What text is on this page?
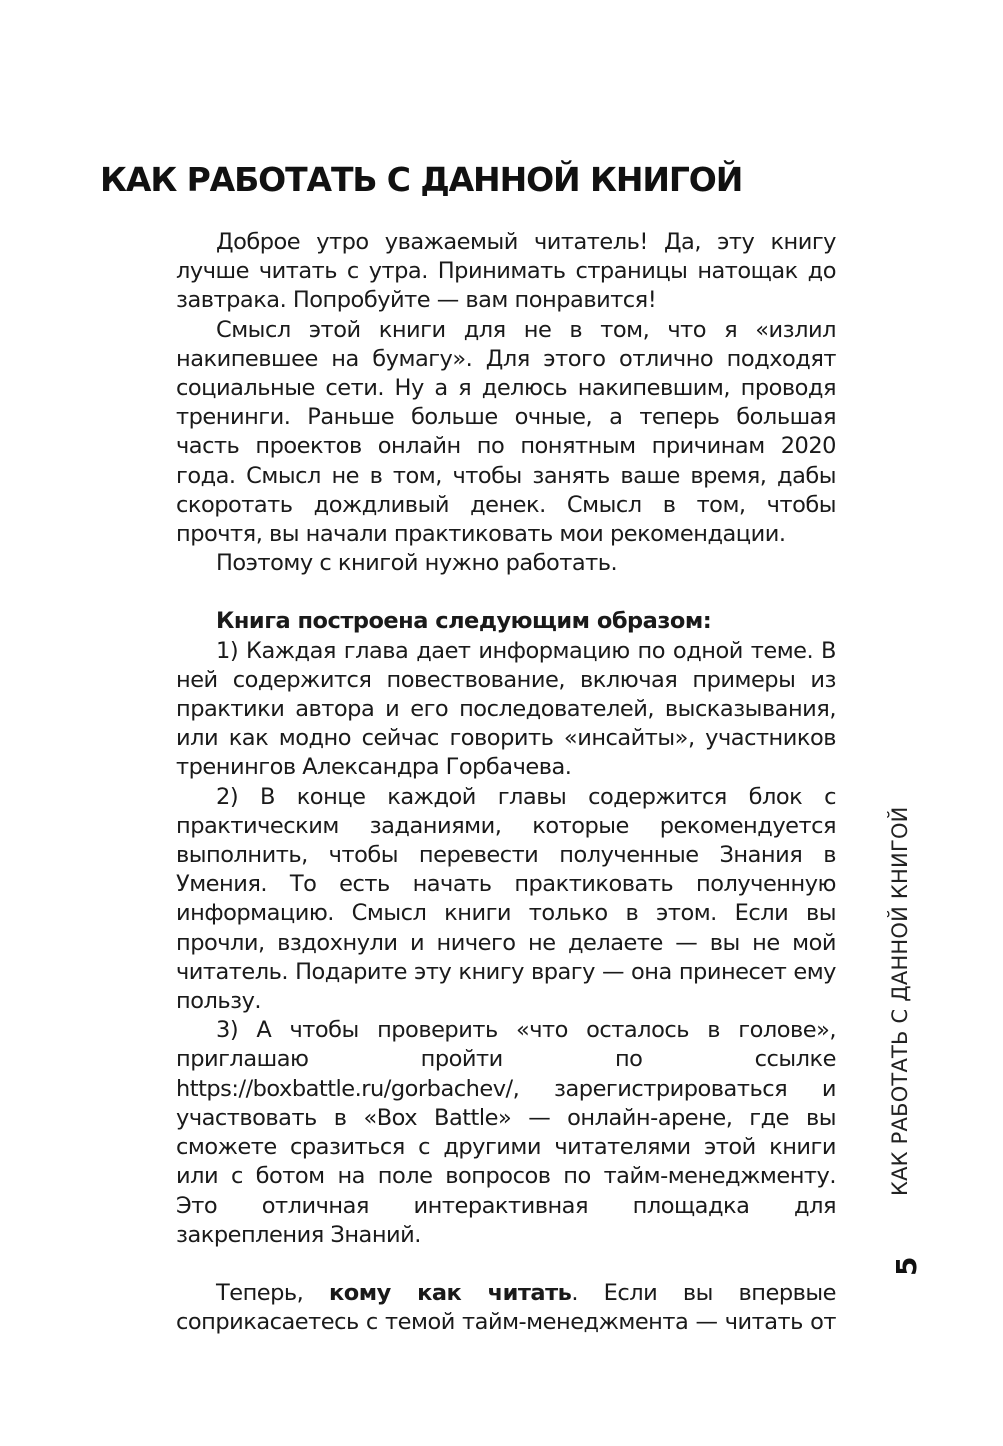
КАК РАБОТАТЬ С ДАННОЙ КНИГОЙ

Доброе утро уважаемый читатель! Да, эту книгу лучше читать с утра. Принимать страницы натощак до завтрака. Попробуйте — вам понравится!

Смысл этой книги для не в том, что я «излил накипевшее на бумагу». Для этого отлично подходят социальные сети. Ну а я делюсь накипевшим, проводя тренинги. Раньше больше очные, а теперь большая часть проектов онлайн по понятным причинам 2020 года. Смысл не в том, чтобы занять ваше время, дабы скоротать дождливый денек. Смысл в том, чтобы прочтя, вы начали практиковать мои рекомендации.

Поэтому с книгой нужно работать.

Книга построена следующим образом:

1) Каждая глава дает информацию по одной теме. В ней содержится повествование, включая примеры из практики автора и его последователей, высказывания, или как модно сейчас говорить «инсайты», участников тренингов Александра Горбачева.

2) В конце каждой главы содержится блок с практическим заданиями, которые рекомендуется выполнить, чтобы перевести полученные Знания в Умения. То есть начать практиковать полученную информацию. Смысл книги только в этом. Если вы прочли, вздохнули и ничего не делаете — вы не мой читатель. Подарите эту книгу врагу — она принесет ему пользу.

3) А чтобы проверить «что осталось в голове», приглашаю пройти по ссылке https://boxbattle.ru/gorbachev/, зарегистрироваться и участвовать в «Box Battle» — онлайн-арене, где вы сможете сразиться с другими читателями этой книги или с ботом на поле вопросов по тайм-менеджменту. Это отличная интерактивная площадка для закрепления Знаний.

Теперь, кому как читать. Если вы впервые соприкасаетесь с темой тайм-менеджмента — читать от

КАК РАБОТАТЬ С ДАННОЙ КНИГОЙ
5
